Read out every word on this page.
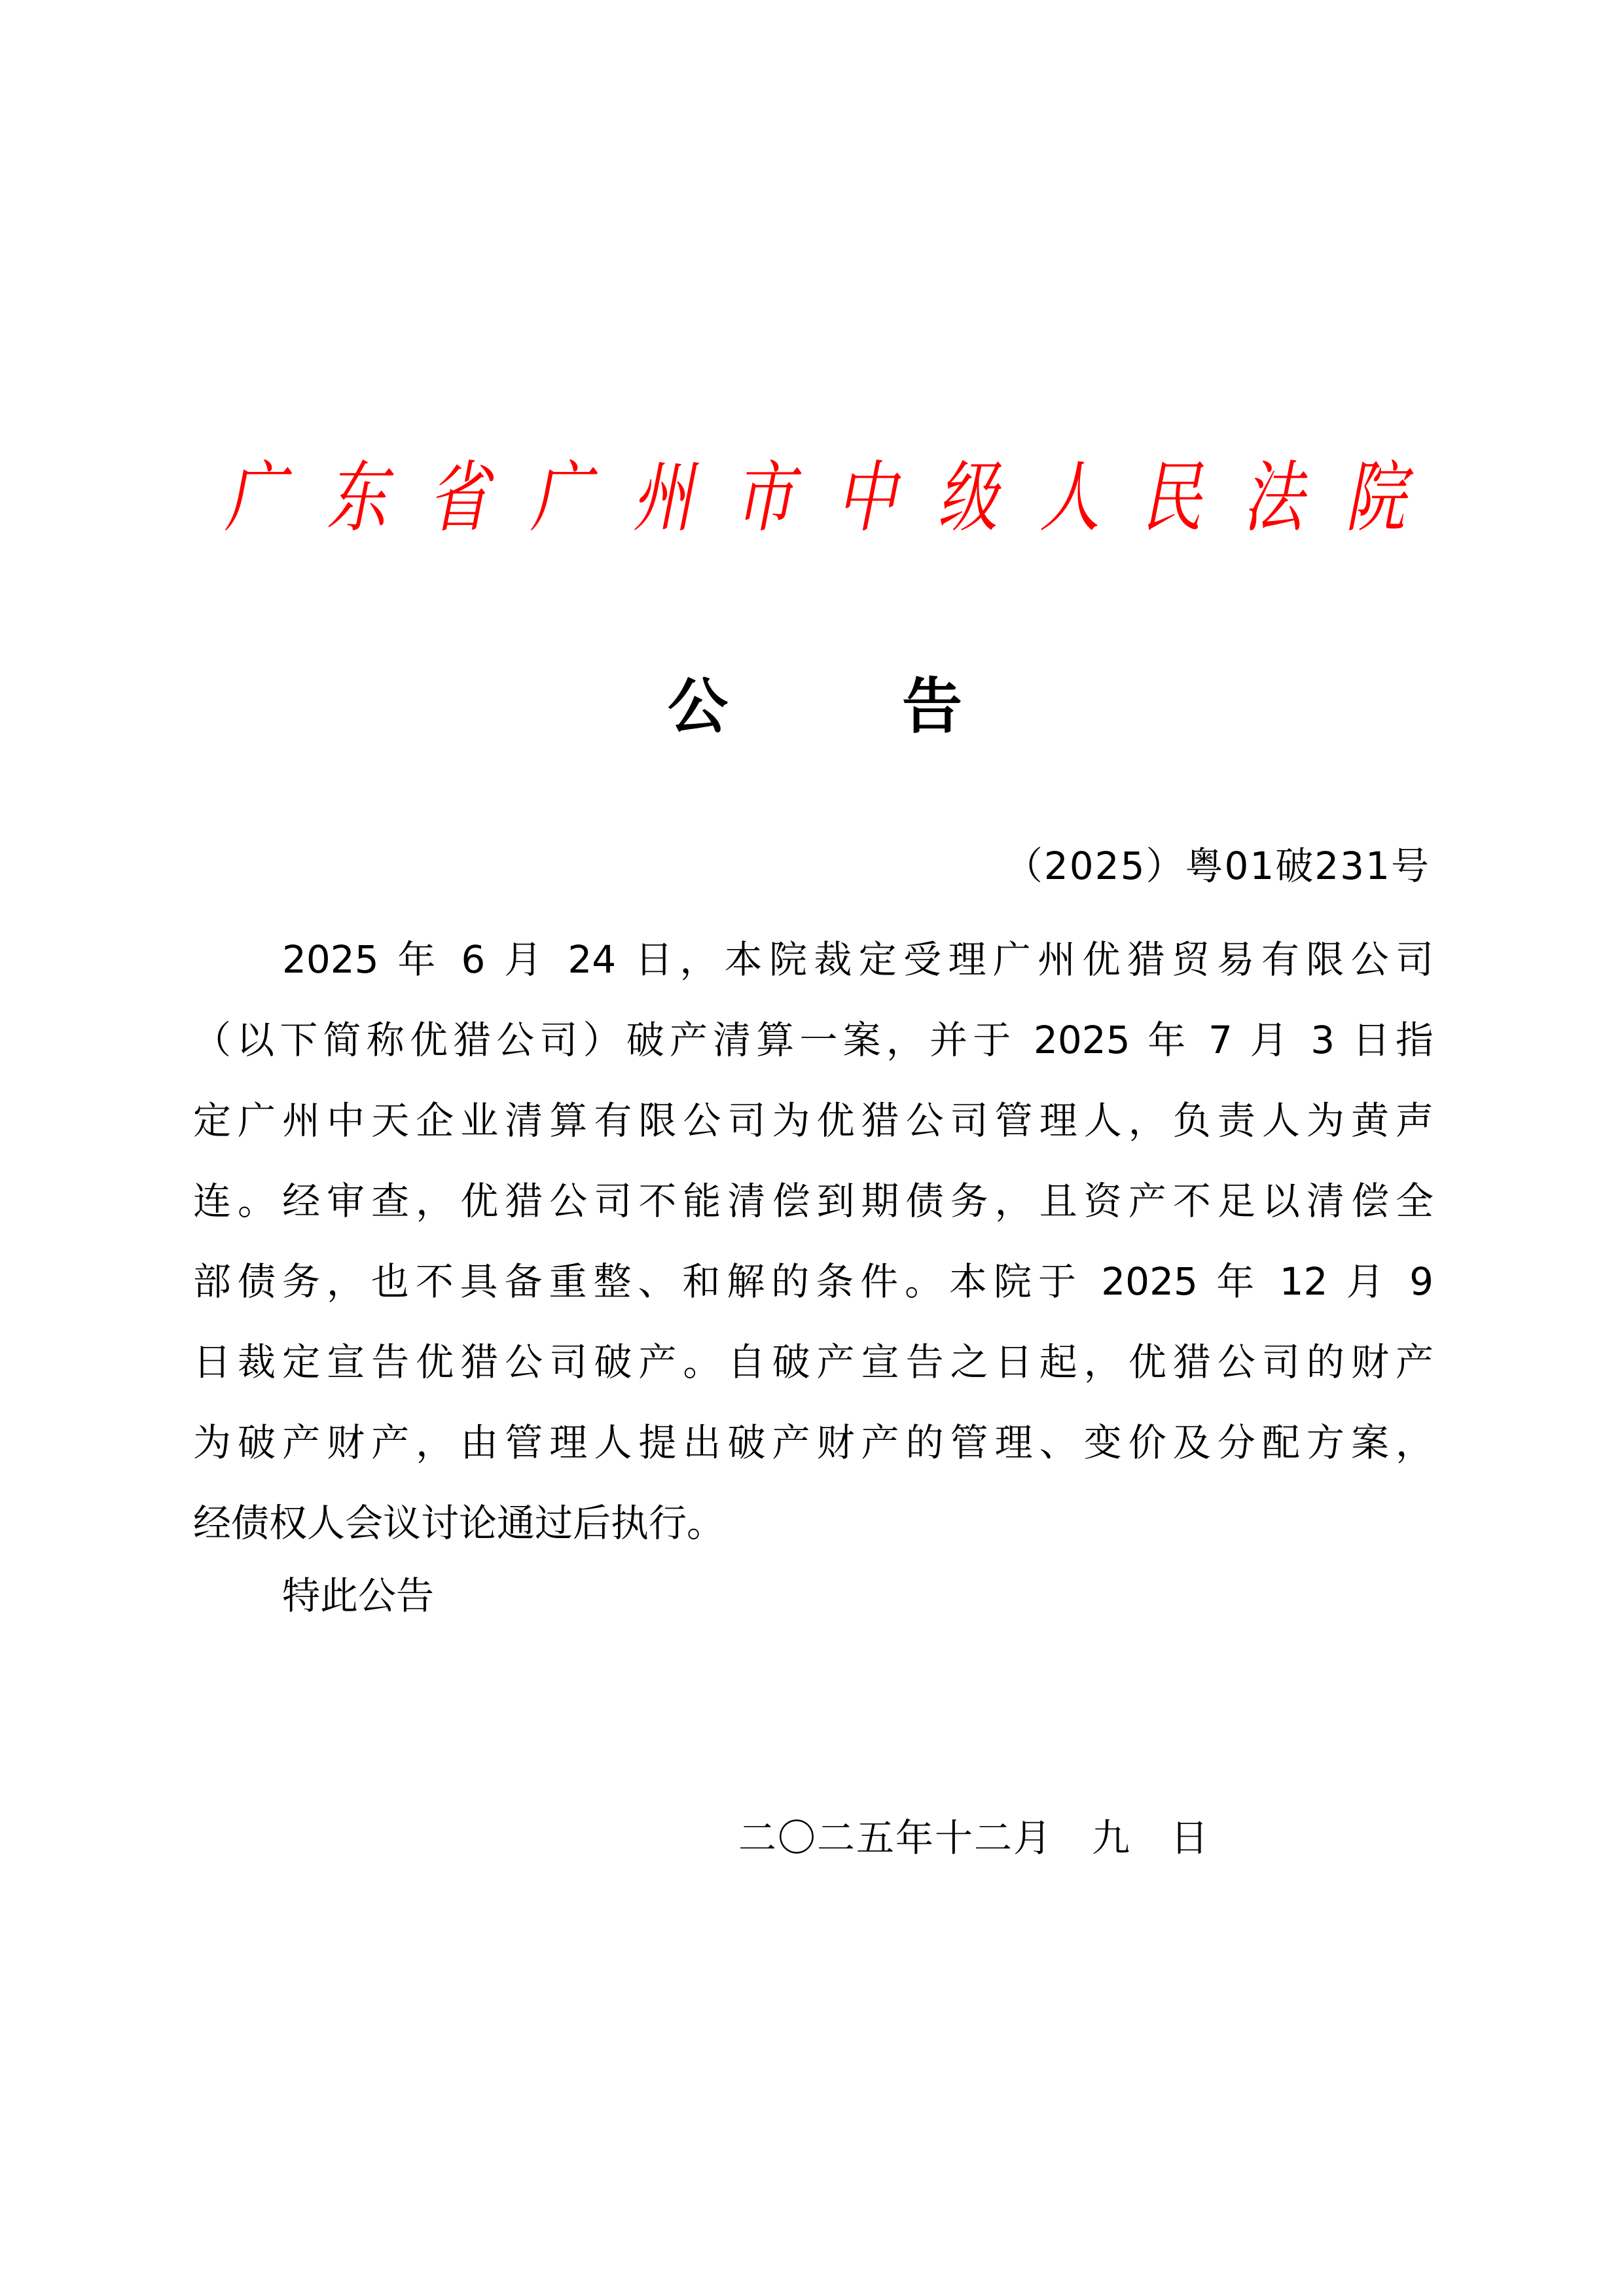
广 东 省 广 州 市 中 级 人 民 法 院
公	告
（2025）粤01破231号
2025 年 6 月 24 日，本院裁定受理广州优猎贸易有限公司
（以下简称优猎公司）破产清算一案，并于 2025 年 7 月 3 日指
定广州中天企业清算有限公司为优猎公司管理人，负责人为黄声
连。经审查，优猎公司不能清偿到期债务，且资产不足以清偿全
部债务，也不具备重整、和解的条件。本院于 2025 年 12 月 9
日裁定宣告优猎公司破产。自破产宣告之日起，优猎公司的财产
为破产财产，由管理人提出破产财产的管理、变价及分配方案，
经债权人会议讨论通过后执行。
特此公告
二〇二五年十二月　九　日
